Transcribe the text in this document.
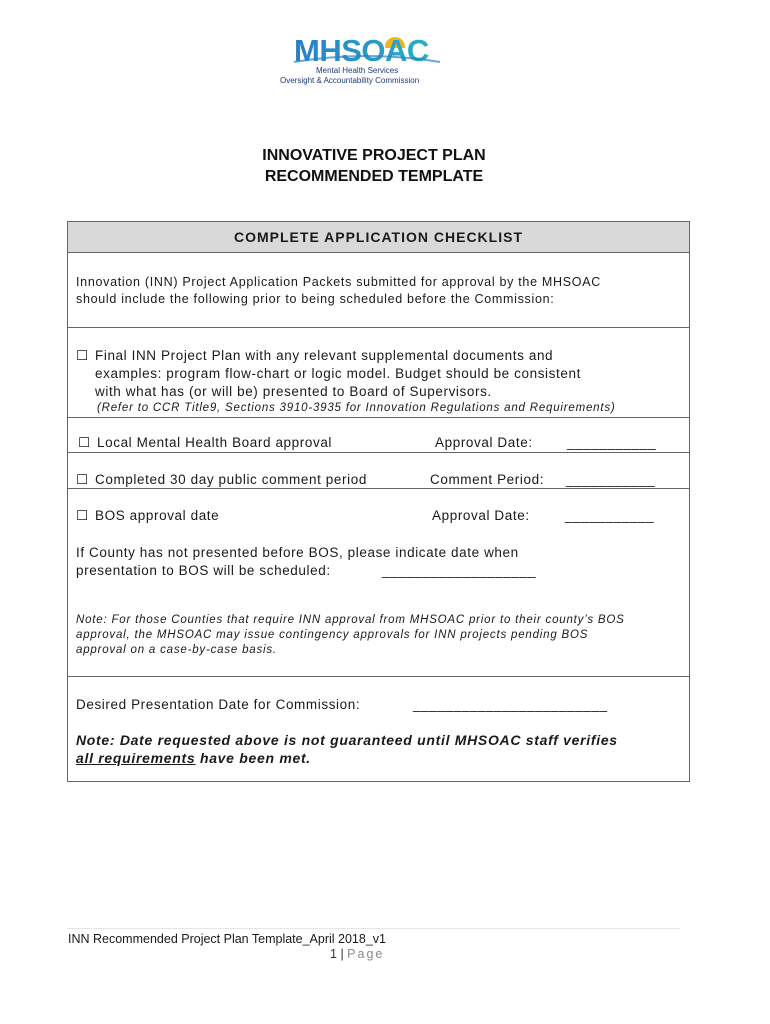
MHSOAC
Mental Health Services
Oversight & Accountability Commission
INNOVATIVE PROJECT PLAN
RECOMMENDED TEMPLATE
COMPLETE APPLICATION CHECKLIST
Innovation (INN) Project Application Packets submitted for approval by the MHSOAC
should include the following prior to being scheduled before the Commission:
☐ Final INN Project Plan with any relevant supplemental documents and
examples: program flow-chart or logic model. Budget should be consistent
with what has (or will be) presented to Board of Supervisors.
(Refer to CCR Title9, Sections 3910-3935 for Innovation Regulations and Requirements)
☐ Local Mental Health Board approval	Approval Date:	___________
☐ Completed 30 day public comment period	Comment Period: ___________
☐ BOS approval date	Approval Date:	___________
If County has not presented before BOS, please indicate date when
presentation to BOS will be scheduled:	___________________
Note: For those Counties that require INN approval from MHSOAC prior to their county’s BOS
approval, the MHSOAC may issue contingency approvals for INN projects pending BOS
approval on a case-by-case basis.
Desired Presentation Date for Commission:	________________________
Note: Date requested above is not guaranteed until MHSOAC staff verifies
all requirements have been met.
INN Recommended Project Plan Template_April 2018_v1
1 | Page
